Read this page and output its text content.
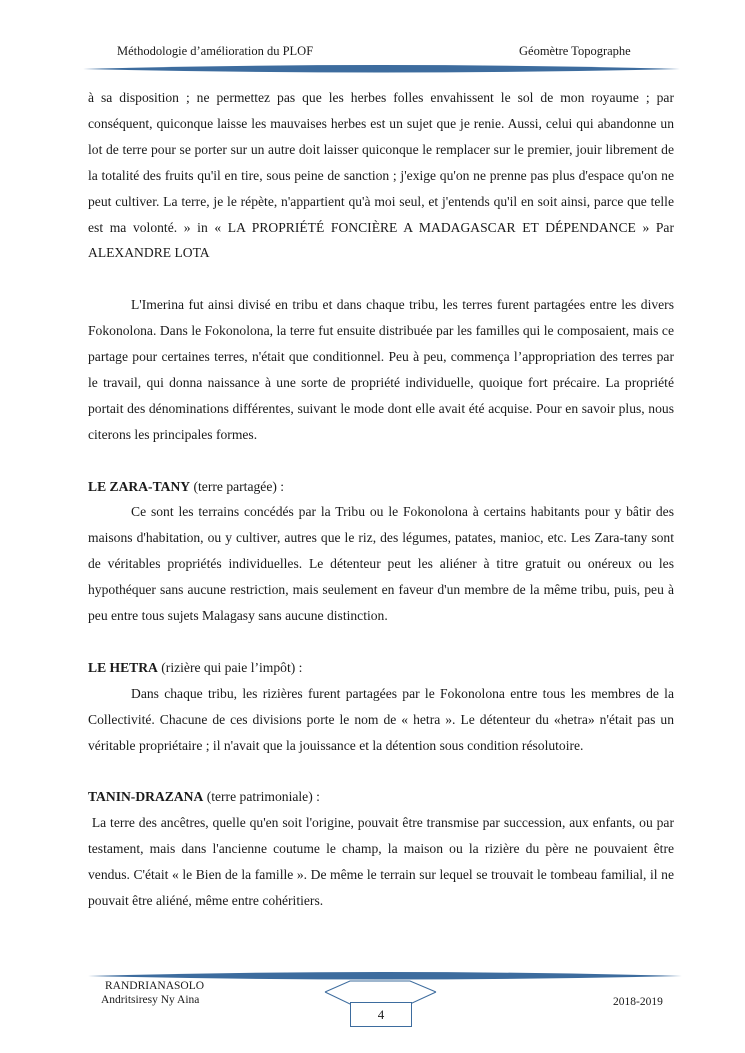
Méthodologie d’amélioration du PLOF	Géomètre Topographe

à sa disposition ; ne permettez pas que les herbes folles envahissent le sol de mon royaume ; par conséquent, quiconque laisse les mauvaises herbes est un sujet que je renie. Aussi, celui qui abandonne un lot de terre pour se porter sur un autre doit laisser quiconque le remplacer sur le premier, jouir librement de la totalité des fruits qu'il en tire, sous peine de sanction ; j'exige qu'on ne prenne pas plus d'espace qu'on ne peut cultiver. La terre, je le répète, n'appartient qu'à moi seul, et j'entends qu'il en soit ainsi, parce que telle est ma volonté. » in « LA PROPRIÉTÉ FONCIÈRE A MADAGASCAR ET DÉPENDANCE » Par ALEXANDRE LOTA

L'Imerina fut ainsi divisé en tribu et dans chaque tribu, les terres furent partagées entre les divers Fokonolona. Dans le Fokonolona, la terre fut ensuite distribuée par les familles qui le composaient, mais ce partage pour certaines terres, n'était que conditionnel. Peu à peu, commença l’appropriation des terres par le travail, qui donna naissance à une sorte de propriété individuelle, quoique fort précaire. La propriété portait des dénominations différentes, suivant le mode dont elle avait été acquise. Pour en savoir plus, nous citerons les principales formes.

LE ZARA-TANY (terre partagée) :

Ce sont les terrains concédés par la Tribu ou le Fokonolona à certains habitants pour y bâtir des maisons d'habitation, ou y cultiver, autres que le riz, des légumes, patates, manioc, etc. Les Zara-tany sont de véritables propriétés individuelles. Le détenteur peut les aliéner à titre gratuit ou onéreux ou les hypothéquer sans aucune restriction, mais seulement en faveur d'un membre de la même tribu, puis, peu à peu entre tous sujets Malagasy sans aucune distinction.

LE HETRA (rizière qui paie l’impôt) :

Dans chaque tribu, les rizières furent partagées par le Fokonolona entre tous les membres de la Collectivité. Chacune de ces divisions porte le nom de « hetra ». Le détenteur du «hetra» n'était pas un véritable propriétaire ; il n'avait que la jouissance et la détention sous condition résolutoire.

TANIN-DRAZANA (terre patrimoniale) :

La terre des ancêtres, quelle qu'en soit l'origine, pouvait être transmise par succession, aux enfants, ou par testament, mais dans l'ancienne coutume le champ, la maison ou la rizière du père ne pouvaient être vendus. C'était « le Bien de la famille ». De même le terrain sur lequel se trouvait le tombeau familial, il ne pouvait être aliéné, même entre cohéritiers.

RANDRIANASOLO
Andritsiresy Ny Aina	2018-2019
4
